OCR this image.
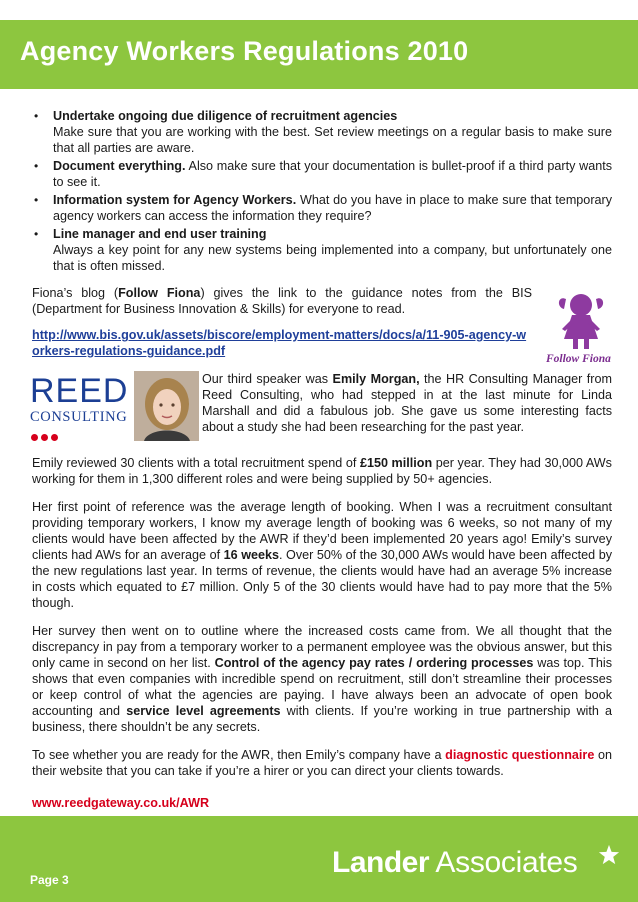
Agency Workers Regulations 2010
• Undertake ongoing due diligence of recruitment agencies
Make sure that you are working with the best. Set review meetings on a regular basis to make sure that all parties are aware.
• Document everything. Also make sure that your documentation is bullet-proof if a third party wants to see it.
• Information system for Agency Workers. What do you have in place to make sure that temporary agency workers can access the information they require?
• Line manager and end user training
Always a key point for any new systems being implemented into a company, but unfortunately one that is often missed.
Fiona’s blog (Follow Fiona) gives the link to the guidance notes from the BIS (Department for Business Innovation & Skills) for everyone to read.
http://www.bis.gov.uk/assets/biscore/employment-matters/docs/a/11-905-agency-workers-regulations-guidance.pdf
Follow Fiona
REED
CONSULTING
Our third speaker was Emily Morgan, the HR Consulting Manager from Reed Consulting, who had stepped in at the last minute for Linda Marshall and did a fabulous job. She gave us some interesting facts about a study she had been researching for the past year.

Emily reviewed 30 clients with a total recruitment spend of £150 million per year. They had 30,000 AWs working for them in 1,300 different roles and were being supplied by 50+ agencies.

Her first point of reference was the average length of booking. When I was a recruitment consultant providing temporary workers, I know my average length of booking was 6 weeks, so not many of my clients would have been affected by the AWR if they’d been implemented 20 years ago! Emily’s survey clients had AWs for an average of 16 weeks. Over 50% of the 30,000 AWs would have been affected by the new regulations last year. In terms of revenue, the clients would have had an average 5% increase in costs which equated to £7 million. Only 5 of the 30 clients would have had to pay more that the 5% though.

Her survey then went on to outline where the increased costs came from. We all thought that the discrepancy in pay from a temporary worker to a permanent employee was the obvious answer, but this only came in second on her list. Control of the agency pay rates / ordering processes was top. This shows that even companies with incredible spend on recruitment, still don’t streamline their processes or keep control of what the agencies are paying. I have always been an advocate of open book accounting and service level agreements with clients. If you’re working in true partnership with a business, there shouldn’t be any secrets.

To see whether you are ready for the AWR, then Emily’s company have a diagnostic questionnaire on their website that you can take if you’re a hirer or you can direct your clients towards.

www.reedgateway.co.uk/AWR

Page 3
Lander Associates
